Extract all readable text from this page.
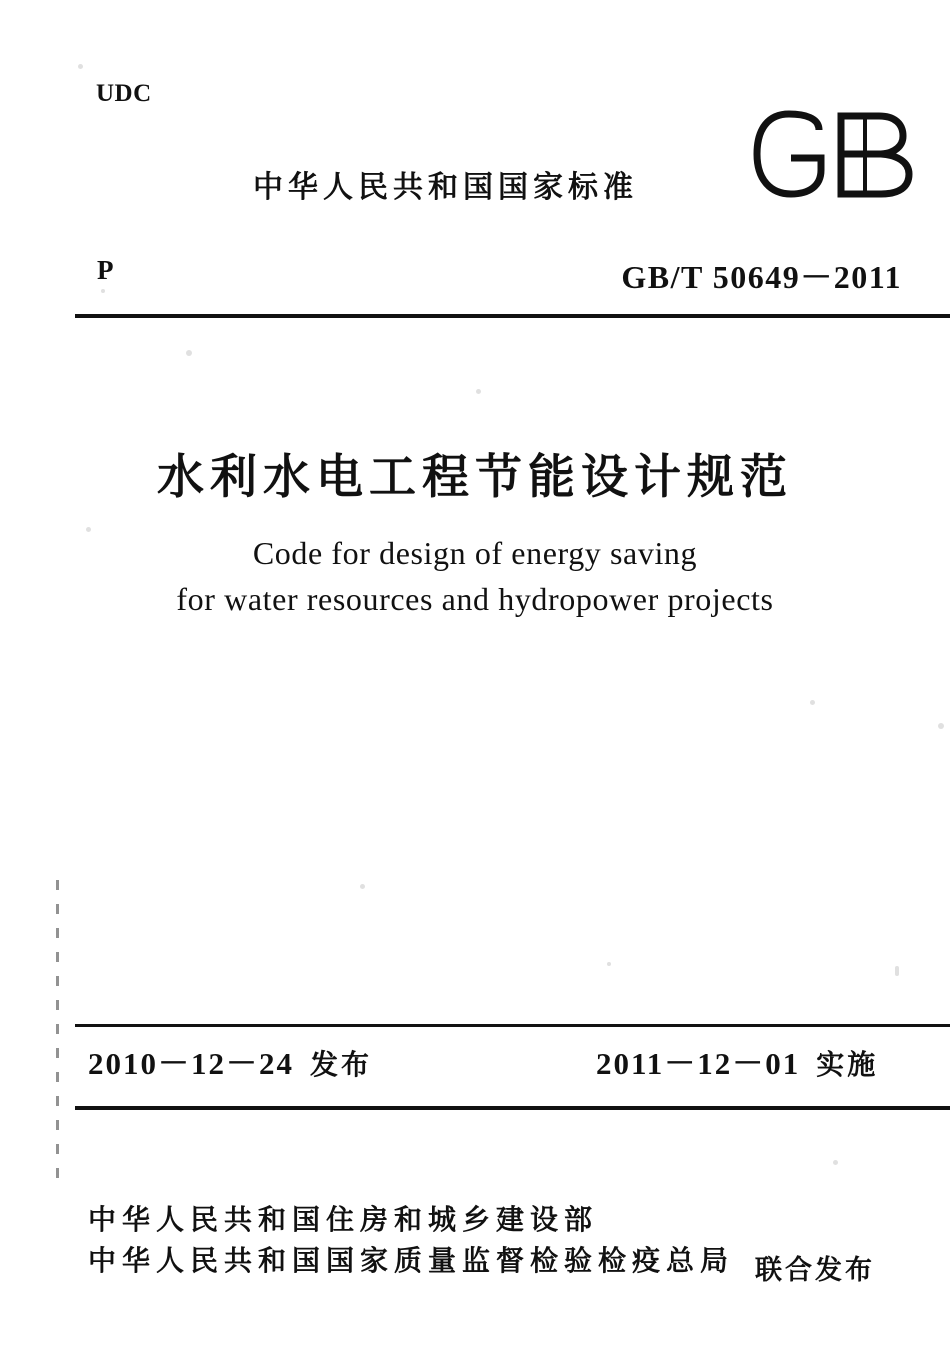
UDC
中华人民共和国国家标准
P	GB/T 50649－2011
水利水电工程节能设计规范
Code for design of energy saving
for water resources and hydropower projects
2010－12－24 发布	2011－12－01 实施
中华人民共和国住房和城乡建设部
中华人民共和国国家质量监督检验检疫总局 联合发布
